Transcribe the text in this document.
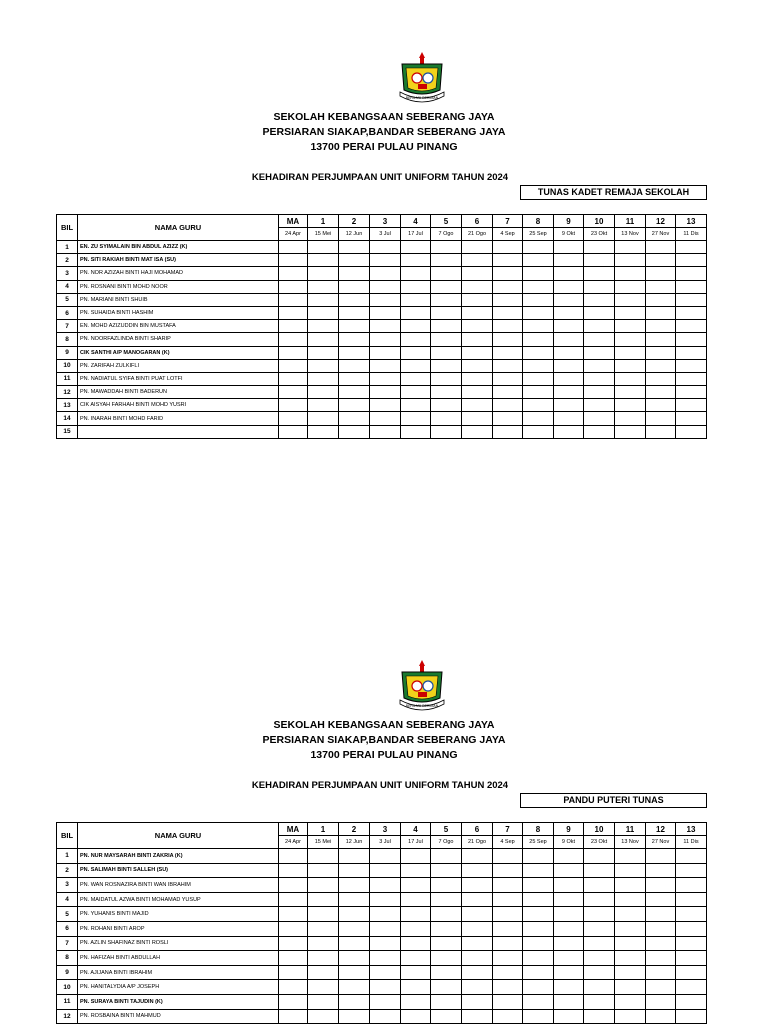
BERILMU BERIMAN
SEKOLAH KEBANGSAAN SEBERANG JAYA
PERSIARAN SIAKAP,BANDAR SEBERANG JAYA
13700 PERAI PULAU PINANG
KEHADIRAN PERJUMPAAN UNIT UNIFORM TAHUN 2024
TUNAS KADET REMAJA SEKOLAH
BIL	NAMA GURU	MA	1	2	3	4	5	6	7	8	9	10	11	12	13
		24 Apr	15 Mei	12 Jun	3 Jul	17 Jul	7 Ogo	21 Ogo	4 Sep	25 Sep	9 Okt	23 Okt	13 Nov	27 Nov	11 Dis
1	EN. ZU SYIMALAIN BIN ABDUL AZIZZ (K)														
2	PN. SITI RAKIAH BINTI MAT ISA (SU)														
3	PN. NOR AZIZAH BINTI HAJI MOHAMAD														
4	PN. ROSNANI BINTI MOHD NOOR														
5	PN. MARIANI BINTI SHUIB														
6	PN. SUHAIDA BINTI HASHIM														
7	EN. MOHD AZIZUDDIN BIN MUSTAFA														
8	PN. NOORFAZLINDA BINTI SHARIP														
9	CIK SANTHI A/P MANOGARAN (K)														
10	PN. ZARIFAH ZULKIFLI														
11	PN. NADIATUL SYIFA BINTI PUAT LOTFI														
12	PN. MAWADDAH BINTI BADERUN														
13	CIK AISYAH FARHAH BINTI MOHD YUSRI														
14	PN. INARAH BINTI MOHD FARID														
15															
BERILMU BERIMAN
SEKOLAH KEBANGSAAN SEBERANG JAYA
PERSIARAN SIAKAP,BANDAR SEBERANG JAYA
13700 PERAI PULAU PINANG
KEHADIRAN PERJUMPAAN UNIT UNIFORM TAHUN 2024
PANDU PUTERI TUNAS
BIL	NAMA GURU	MA	1	2	3	4	5	6	7	8	9	10	11	12	13
		24 Apr	15 Mei	12 Jun	3 Jul	17 Jul	7 Ogo	21 Ogo	4 Sep	25 Sep	9 Okt	23 Okt	13 Nov	27 Nov	11 Dis
1	PN. NUR MAYSARAH BINTI ZAKRIA (K)														
2	PN. SALIMAH BINTI SALLEH (SU)														
3	PN. WAN ROSNAZIRA BINTI WAN IBRAHIM														
4	PN. MAIDATUL AZWA BINTI MOHAMAD YUSUP														
5	PN. YUHANIS BINTI MAJID														
6	PN. ROHANI BINTI AROP														
7	PN. AZLIN SHAFINAZ BINTI ROSLI														
8	PN. HAFIZAH BINTI ABDULLAH														
9	PN. AJIJANA BINTI IBRAHIM														
10	PN. HANITALYDIA A/P JOSEPH														
11	PN. SURAYA BINTI TAJUDIN (K)														
12	PN. ROSBAINA BINTI MAHMUD														
